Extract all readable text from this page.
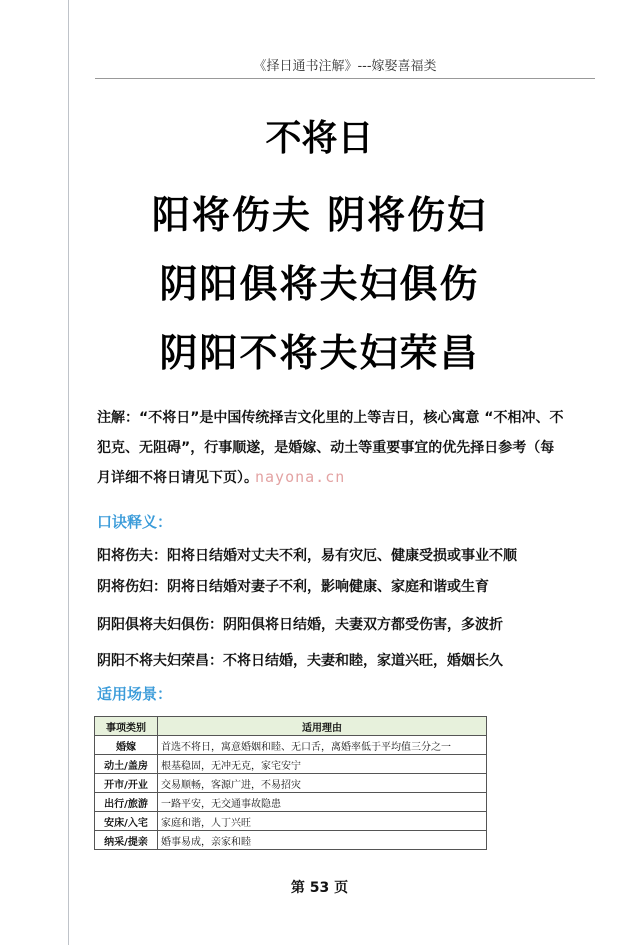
《择日通书注解》---嫁娶喜福类
不将日
阳将伤夫 阴将伤妇
阴阳俱将夫妇俱伤
阴阳不将夫妇荣昌
注解：“不将日”是中国传统择吉文化里的上等吉日，核心寓意 “不相冲、不犯克、无阻碍”，行事顺遂，是婚嫁、动土等重要事宜的优先择日参考（每月详细不将日请见下页）。
nayona.cn
口诀释义：
阳将伤夫：阳将日结婚对丈夫不利，易有灾厄、健康受损或事业不顺
阴将伤妇：阴将日结婚对妻子不利，影响健康、家庭和谐或生育
阴阳俱将夫妇俱伤：阴阳俱将日结婚，夫妻双方都受伤害，多波折
阴阳不将夫妇荣昌：不将日结婚，夫妻和睦，家道兴旺，婚姻长久
适用场景：
事项类别	适用理由
婚嫁	首选不将日，寓意婚姻和睦、无口舌，离婚率低于平均值三分之一
动土/盖房	根基稳固，无冲无克，家宅安宁
开市/开业	交易顺畅，客源广进，不易招灾
出行/旅游	一路平安，无交通事故隐患
安床/入宅	家庭和谐，人丁兴旺
纳采/提亲	婚事易成，亲家和睦
第 53 页
